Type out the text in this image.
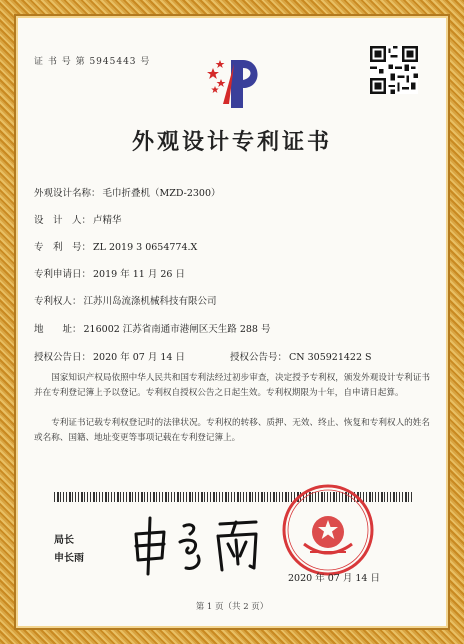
证 书 号 第 5945443 号
外观设计专利证书
外观设计名称： 毛巾折叠机（MZD-2300）
设　计　人： 卢精华
专　利　号： ZL 2019 3 0654774.X
专利申请日： 2019 年 11 月 26 日
专利权人： 江苏川岛流涤机械科技有限公司
地　　址： 216002 江苏省南通市港闸区天生路 288 号
授权公告日： 2020 年 07 月 14 日	授权公告号： CN 305921422 S

国家知识产权局依照中华人民共和国专利法经过初步审查，决定授予专利权，颁发外观设计专利证书并在专利登记簿上予以登记。专利权自授权公告之日起生效。专利权期限为十年，自申请日起算。

专利证书记载专利权登记时的法律状况。专利权的转移、质押、无效、终止、恢复和专利权人的姓名或名称、国籍、地址变更等事项记载在专利登记簿上。

局长
申长雨
2020 年 07 月 14 日
第 1 页（共 2 页）
